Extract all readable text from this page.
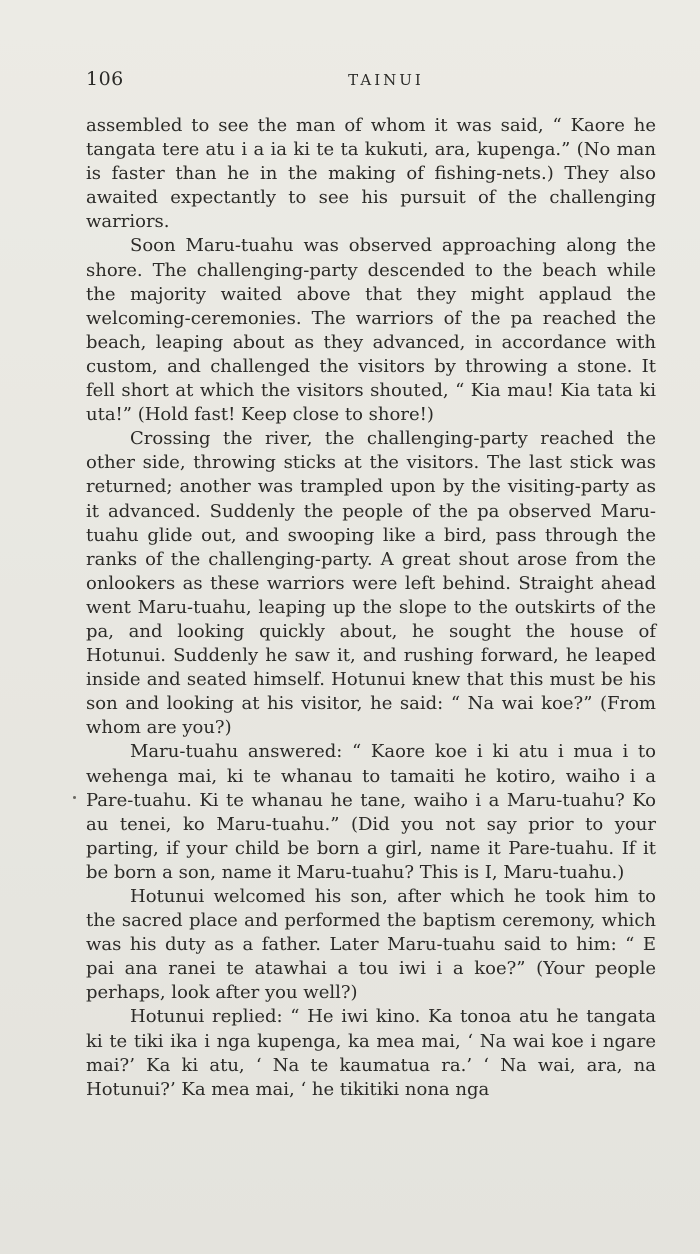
106	TAINUI

assembled to see the man of whom it was said, “ Kaore he tangata tere atu i a ia ki te ta kukuti, ara, kupenga.” (No man is faster than he in the making of fishing-nets.) They also awaited expectantly to see his pursuit of the challenging warriors.

Soon Maru-tuahu was observed approaching along the shore. The challenging-party descended to the beach while the majority waited above that they might applaud the welcoming-ceremonies. The warriors of the pa reached the beach, leaping about as they advanced, in accordance with custom, and challenged the visitors by throwing a stone. It fell short at which the visitors shouted, “ Kia mau! Kia tata ki uta!” (Hold fast! Keep close to shore!)

Crossing the river, the challenging-party reached the other side, throwing sticks at the visitors. The last stick was returned; another was trampled upon by the visiting-party as it advanced. Suddenly the people of the pa observed Maru-tuahu glide out, and swooping like a bird, pass through the ranks of the challenging-party. A great shout arose from the onlookers as these warriors were left behind. Straight ahead went Maru-tuahu, leaping up the slope to the outskirts of the pa, and looking quickly about, he sought the house of Hotunui. Suddenly he saw it, and rushing forward, he leaped inside and seated himself. Hotunui knew that this must be his son and looking at his visitor, he said: “ Na wai koe?” (From whom are you?)

Maru-tuahu answered: “ Kaore koe i ki atu i mua i to wehenga mai, ki te whanau to tamaiti he kotiro, waiho i a Pare-tuahu. Ki te whanau he tane, waiho i a Maru-tuahu? Ko au tenei, ko Maru-tuahu.” (Did you not say prior to your parting, if your child be born a girl, name it Pare-tuahu. If it be born a son, name it Maru-tuahu? This is I, Maru-tuahu.)

Hotunui welcomed his son, after which he took him to the sacred place and performed the baptism ceremony, which was his duty as a father. Later Maru-tuahu said to him: “ E pai ana ranei te atawhai a tou iwi i a koe?” (Your people perhaps, look after you well?)

Hotunui replied: “ He iwi kino. Ka tonoa atu he tangata ki te tiki ika i nga kupenga, ka mea mai, ‘ Na wai koe i ngare mai?’ Ka ki atu, ‘ Na te kaumatua ra.’ ‘ Na wai, ara, na Hotunui?’ Ka mea mai, ‘ he tikitiki nona nga
